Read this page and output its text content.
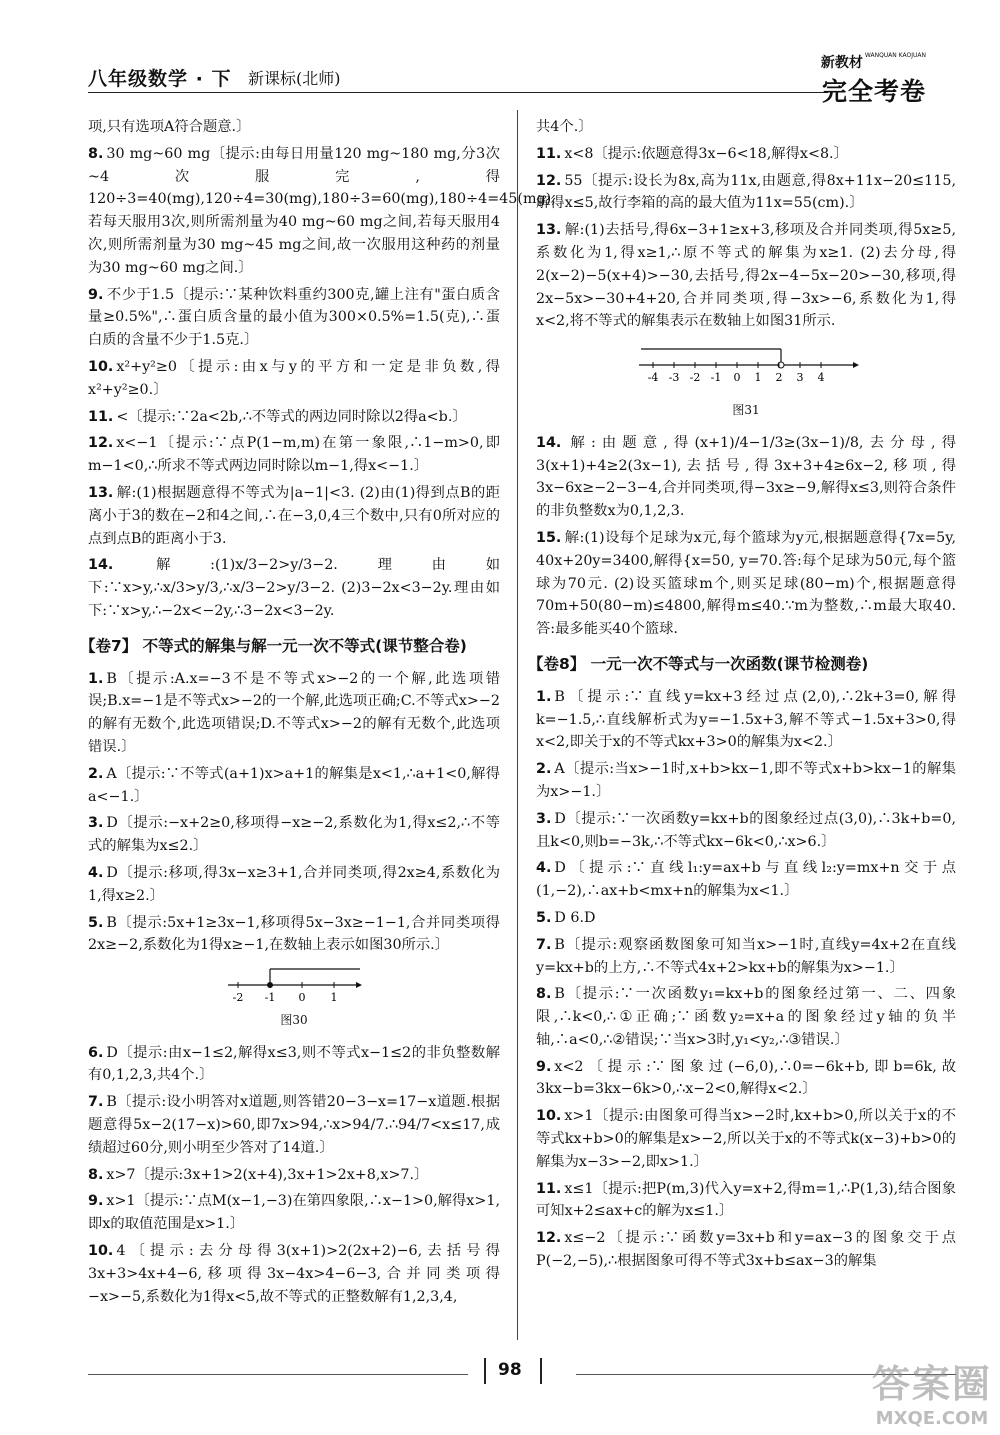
八年级数学 · 下 新课标(北师)
新教材 WANQUAN KAOJUAN
完全考卷
项,只有选项A符合题意.〕
8. 30 mg~60 mg〔提示:由每日用量120 mg~180 mg,分3次~4次服完,得120÷3=40(mg),120÷4=30(mg),180÷3=60(mg),180÷4=45(mg),若每天服用3次,则所需剂量为40 mg~60 mg之间,若每天服用4次,则所需剂量为30 mg~45 mg之间,故一次服用这种药的剂量为30 mg~60 mg之间.〕
9. 不少于1.5〔提示:∵某种饮料重约300克,罐上注有"蛋白质含量≥0.5%",∴蛋白质含量的最小值为300×0.5%=1.5(克),∴蛋白质的含量不少于1.5克.〕
10. x²+y²≥0〔提示:由x与y的平方和一定是非负数,得x²+y²≥0.〕
11. <〔提示:∵2a<2b,∴不等式的两边同时除以2得a<b.〕
12. x<−1〔提示:∵点P(1−m,m)在第一象限,∴1−m>0,即m−1<0,∴所求不等式两边同时除以m−1,得x<−1.〕
13. 解:(1)根据题意得不等式为|a−1|<3. (2)由(1)得到点B的距离小于3的数在−2和4之间,∴在−3,0,4三个数中,只有0所对应的点到点B的距离小于3.
14. 解:(1)x/3−2>y/3−2.理由如下:∵x>y,∴x/3>y/3,∴x/3−2>y/3−2. (2)3−2x<3−2y.理由如下:∵x>y,∴−2x<−2y,∴3−2x<3−2y.
【卷7】 不等式的解集与解一元一次不等式(课节整合卷)
1. B〔提示:A.x=−3不是不等式x>−2的一个解,此选项错误;B.x=−1是不等式x>−2的一个解,此选项正确;C.不等式x>−2的解有无数个,此选项错误;D.不等式x>−2的解有无数个,此选项错误.〕
2. A〔提示:∵不等式(a+1)x>a+1的解集是x<1,∴a+1<0,解得a<−1.〕
3. D〔提示:−x+2≥0,移项得−x≥−2,系数化为1,得x≤2,∴不等式的解集为x≤2.〕
4. D〔提示:移项,得3x−x≥3+1,合并同类项,得2x≥4,系数化为1,得x≥2.〕
5. B〔提示:5x+1≥3x−1,移项得5x−3x≥−1−1,合并同类项得2x≥−2,系数化为1得x≥−1,在数轴上表示如图30所示.〕
-2 -1 0 1
图30
6. D〔提示:由x−1≤2,解得x≤3,则不等式x−1≤2的非负整数解有0,1,2,3,共4个.〕
7. B〔提示:设小明答对x道题,则答错20−3−x=17−x道题.根据题意得5x−2(17−x)>60,即7x>94,∴x>94/7.∴94/7<x≤17,成绩超过60分,则小明至少答对了14道.〕
8. x>7〔提示:3x+1>2(x+4),3x+1>2x+8,x>7.〕
9. x>1〔提示:∵点M(x−1,−3)在第四象限,∴x−1>0,解得x>1,即x的取值范围是x>1.〕
10. 4〔提示:去分母得3(x+1)>2(2x+2)−6,去括号得3x+3>4x+4−6,移项得3x−4x>4−6−3,合并同类项得−x>−5,系数化为1得x<5,故不等式的正整数解有1,2,3,4,
共4个.〕
11. x<8〔提示:依题意得3x−6<18,解得x<8.〕
12. 55〔提示:设长为8x,高为11x,由题意,得8x+11x−20≤115,解得x≤5,故行李箱的高的最大值为11x=55(cm).〕
13. 解:(1)去括号,得6x−3+1≥x+3,移项及合并同类项,得5x≥5,系数化为1,得x≥1,∴原不等式的解集为x≥1. (2)去分母,得2(x−2)−5(x+4)>−30,去括号,得2x−4−5x−20>−30,移项,得2x−5x>−30+4+20,合并同类项,得−3x>−6,系数化为1,得x<2,将不等式的解集表示在数轴上如图31所示.
-4 -3 -2 -1 0 1 2 3 4
图31
14. 解:由题意,得(x+1)/4−1/3≥(3x−1)/8,去分母,得3(x+1)+4≥2(3x−1),去括号,得3x+3+4≥6x−2,移项,得3x−6x≥−2−3−4,合并同类项,得−3x≥−9,解得x≤3,则符合条件的非负整数x为0,1,2,3.
15. 解:(1)设每个足球为x元,每个篮球为y元,根据题意得{7x=5y, 40x+20y=3400,解得{x=50, y=70.答:每个足球为50元,每个篮球为70元. (2)设买篮球m个,则买足球(80−m)个,根据题意得70m+50(80−m)≤4800,解得m≤40.∵m为整数,∴m最大取40.答:最多能买40个篮球.
【卷8】 一元一次不等式与一次函数(课节检测卷)
1. B〔提示:∵直线y=kx+3经过点(2,0),∴2k+3=0,解得k=−1.5,∴直线解析式为y=−1.5x+3,解不等式−1.5x+3>0,得x<2,即关于x的不等式kx+3>0的解集为x<2.〕
2. A〔提示:当x>−1时,x+b>kx−1,即不等式x+b>kx−1的解集为x>−1.〕
3. D〔提示:∵一次函数y=kx+b的图象经过点(3,0),∴3k+b=0,且k<0,则b=−3k,∴不等式kx−6k<0,∴x>6.〕
4. D〔提示:∵直线l₁:y=ax+b与直线l₂:y=mx+n交于点(1,−2),∴ax+b<mx+n的解集为x<1.〕
5. D 6.D
7. B〔提示:观察函数图象可知当x>−1时,直线y=4x+2在直线y=kx+b的上方,∴不等式4x+2>kx+b的解集为x>−1.〕
8. B〔提示:∵一次函数y₁=kx+b的图象经过第一、二、四象限,∴k<0,∴①正确;∵函数y₂=x+a的图象经过y轴的负半轴,∴a<0,∴②错误;∵当x>3时,y₁<y₂,∴③错误.〕
9. x<2〔提示:∵图象过(−6,0),∴0=−6k+b,即b=6k,故3kx−b=3kx−6k>0,∴x−2<0,解得x<2.〕
10. x>1〔提示:由图象可得当x>−2时,kx+b>0,所以关于x的不等式kx+b>0的解集是x>−2,所以关于x的不等式k(x−3)+b>0的解集为x−3>−2,即x>1.〕
11. x≤1〔提示:把P(m,3)代入y=x+2,得m=1,∴P(1,3),结合图象可知x+2≤ax+c的解为x≤1.〕
12. x≤−2〔提示:∵函数y=3x+b和y=ax−3的图象交于点P(−2,−5),∴根据图象可得不等式3x+b≤ax−3的解集
98	答案圈
MXQE.COM
